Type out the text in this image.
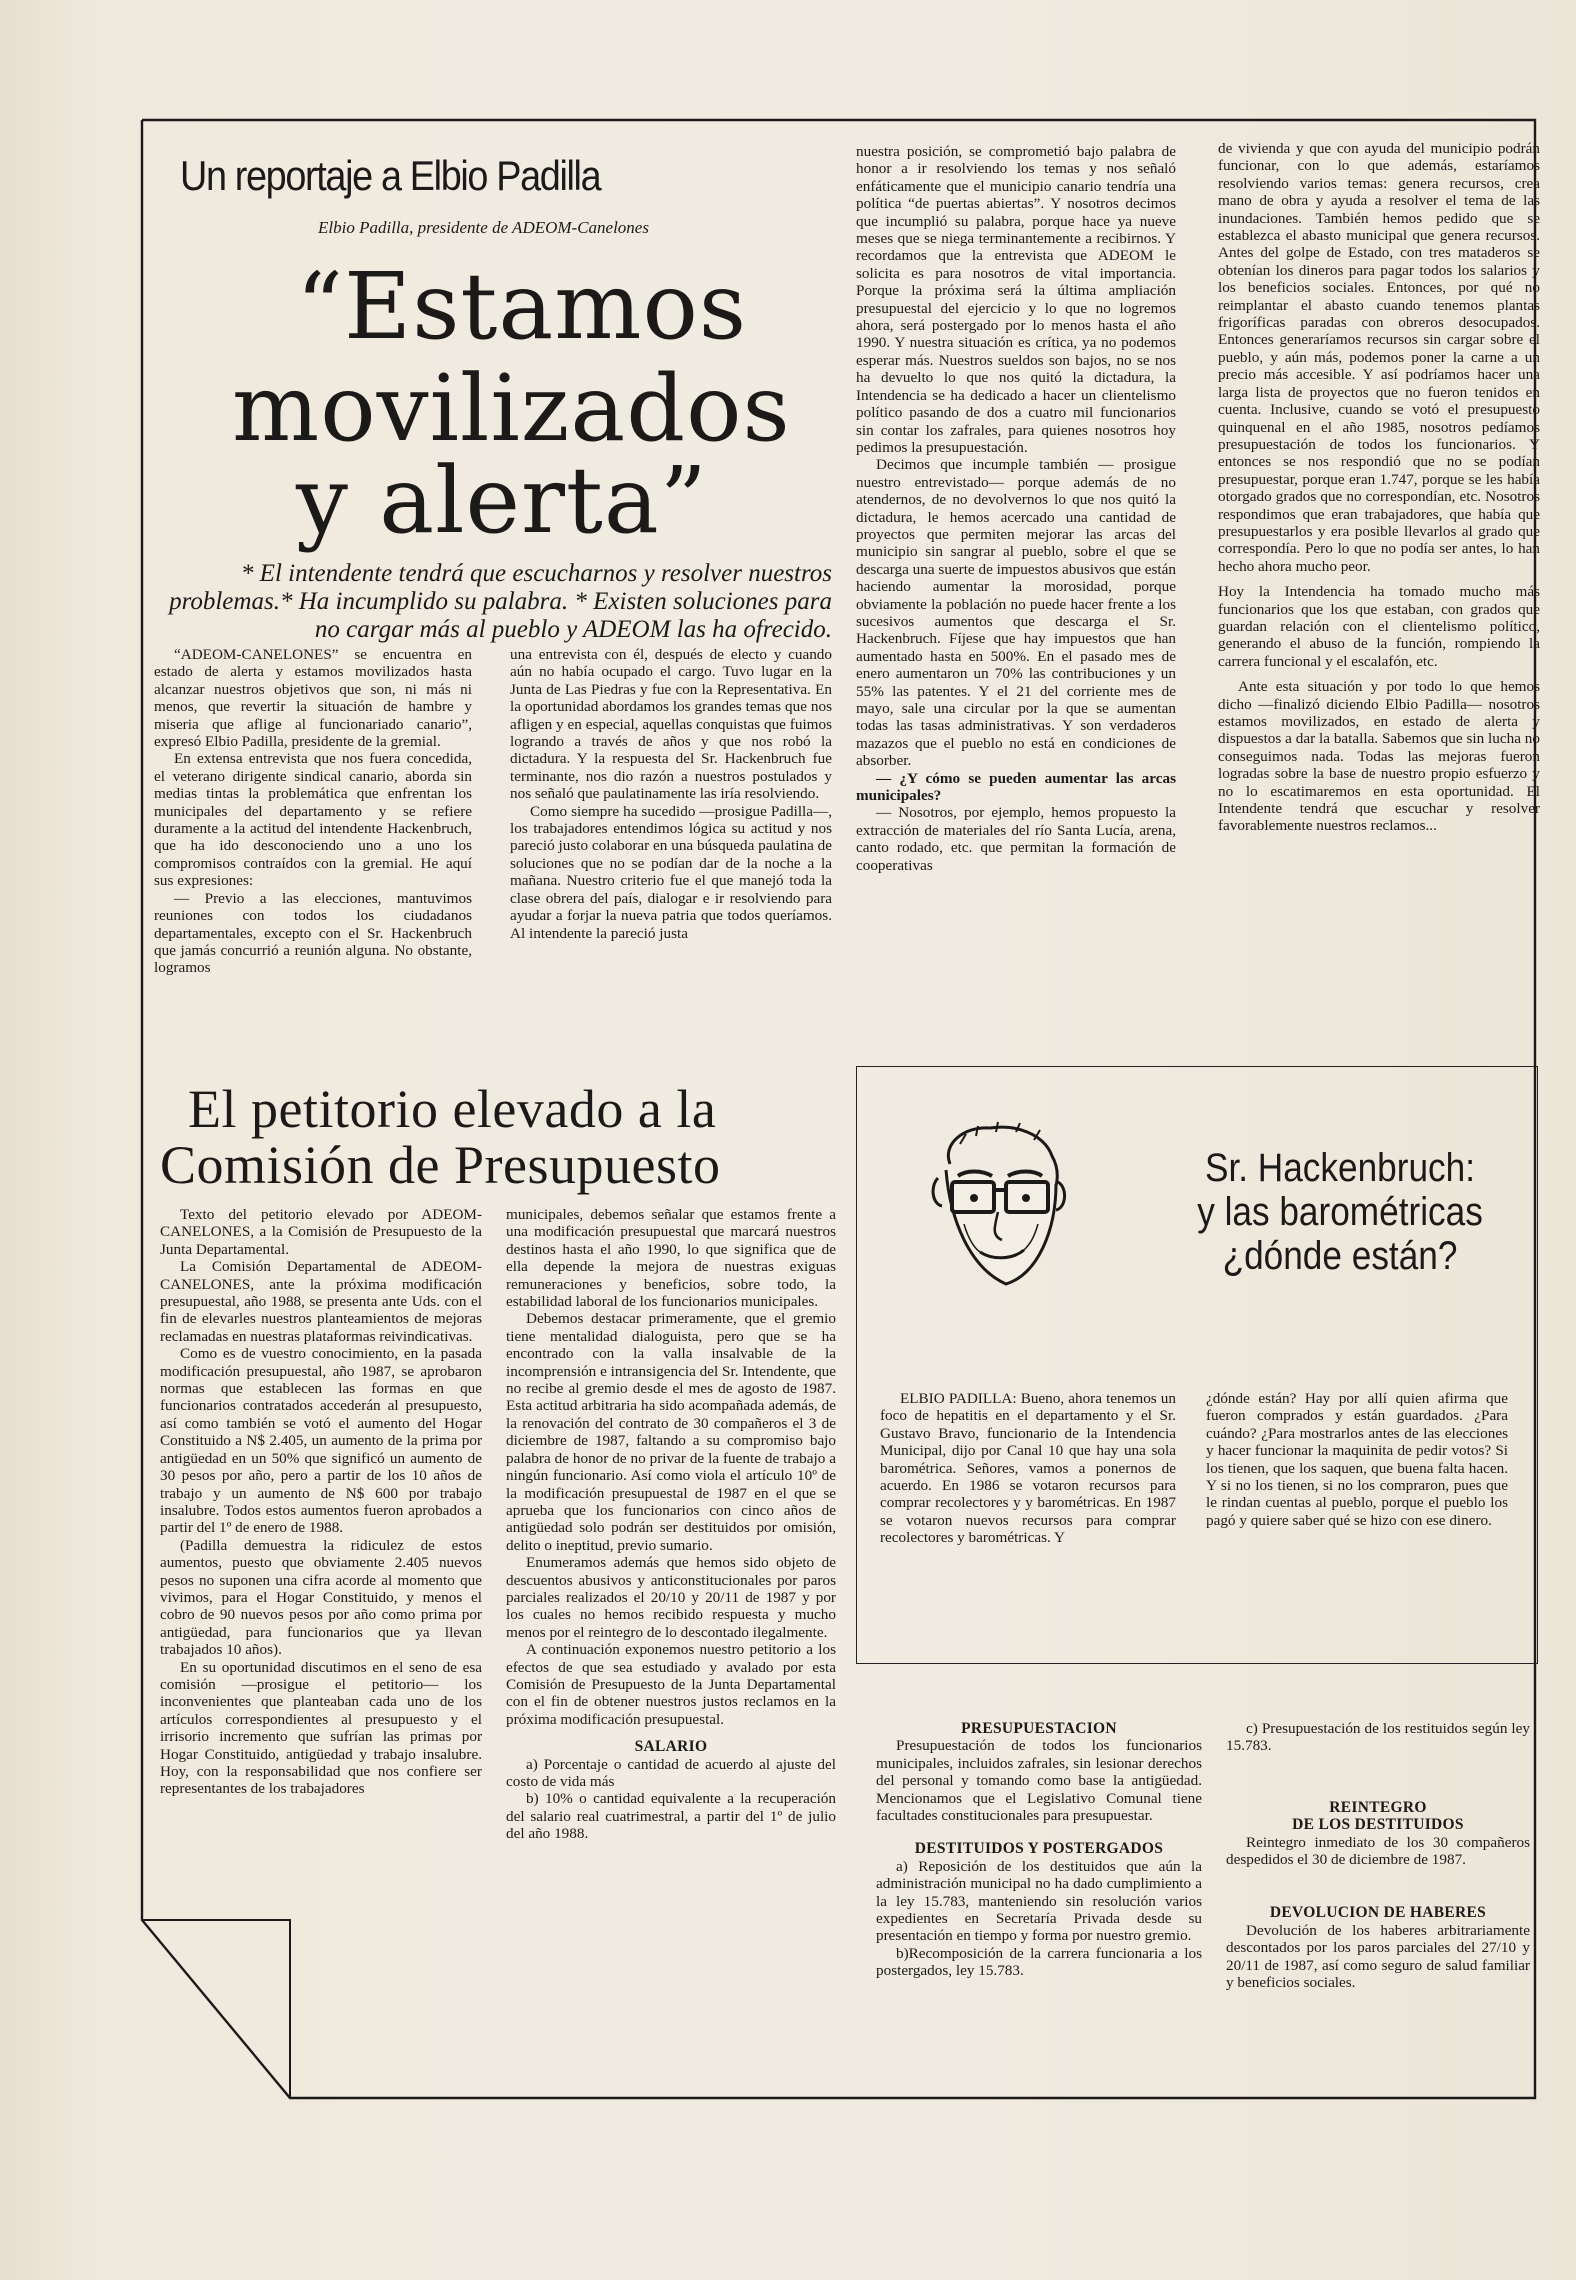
Un reportaje a Elbio Padilla
Elbio Padilla, presidente de ADEOM-Canelones
“Estamos
movilizados
y alerta”
* El intendente tendrá que escucharnos y resolver nuestros
problemas.* Ha incumplido su palabra. * Existen soluciones para
no cargar más al pueblo y ADEOM las ha ofrecido.

“ADEOM-CANELONES” se encuentra en estado de alerta y estamos movilizados hasta alcanzar nuestros objetivos que son, ni más ni menos, que revertir la situación de hambre y miseria que aflige al funcionariado canario”, expresó Elbio Padilla, presidente de la gremial.

En extensa entrevista que nos fuera concedida, el veterano dirigente sindical canario, aborda sin medias tintas la problemática que enfrentan los municipales del departamento y se refiere duramente a la actitud del intendente Hackenbruch, que ha ido desconociendo uno a uno los compromisos contraídos con la gremial. He aquí sus expresiones:

— Previo a las elecciones, mantuvimos reuniones con todos los ciudadanos departamentales, excepto con el Sr. Hackenbruch que jamás concurrió a reunión alguna. No obstante, logramos

una entrevista con él, después de electo y cuando aún no había ocupado el cargo. Tuvo lugar en la Junta de Las Piedras y fue con la Representativa. En la oportunidad abordamos los grandes temas que nos afligen y en especial, aquellas conquistas que fuimos logrando a través de años y que nos robó la dictadura. Y la respuesta del Sr. Hackenbruch fue terminante, nos dio razón a nuestros postulados y nos señaló que paulatinamente las iría resolviendo.

Como siempre ha sucedido —prosigue Padilla—, los trabajadores entendimos lógica su actitud y nos pareció justo colaborar en una búsqueda paulatina de soluciones que no se podían dar de la noche a la mañana. Nuestro criterio fue el que manejó toda la clase obrera del país, dialogar e ir resolviendo para ayudar a forjar la nueva patria que todos queríamos. Al intendente la pareció justa

nuestra posición, se comprometió bajo palabra de honor a ir resolviendo los temas y nos señaló enfáticamente que el municipio canario tendría una política “de puertas abiertas”. Y nosotros decimos que incumplió su palabra, porque hace ya nueve meses que se niega terminantemente a recibirnos. Y recordamos que la entrevista que ADEOM le solicita es para nosotros de vital importancia. Porque la próxima será la última ampliación presupuestal del ejercicio y lo que no logremos ahora, será postergado por lo menos hasta el año 1990. Y nuestra situación es crítica, ya no podemos esperar más. Nuestros sueldos son bajos, no se nos ha devuelto lo que nos quitó la dictadura, la Intendencia se ha dedicado a hacer un clientelismo político pasando de dos a cuatro mil funcionarios sin contar los zafrales, para quienes nosotros hoy pedimos la presupuestación.

Decimos que incumple también — prosigue nuestro entrevistado— porque además de no atendernos, de no devolvernos lo que nos quitó la dictadura, le hemos acercado una cantidad de proyectos que permiten mejorar las arcas del municipio sin sangrar al pueblo, sobre el que se descarga una suerte de impuestos abusivos que están haciendo aumentar la morosidad, porque obviamente la población no puede hacer frente a los sucesivos aumentos que descarga el Sr. Hackenbruch. Fíjese que hay impuestos que han aumentado hasta en 500%. En el pasado mes de enero aumentaron un 70% las contribuciones y un 55% las patentes. Y el 21 del corriente mes de mayo, sale una circular por la que se aumentan todas las tasas administrativas. Y son verdaderos mazazos que el pueblo no está en condiciones de absorber.

— ¿Y cómo se pueden aumentar las arcas municipales?

— Nosotros, por ejemplo, hemos propuesto la extracción de materiales del río Santa Lucía, arena, canto rodado, etc. que permitan la formación de cooperativas

de vivienda y que con ayuda del municipio podrán funcionar, con lo que además, estaríamos resolviendo varios temas: genera recursos, crea mano de obra y ayuda a resolver el tema de las inundaciones. También hemos pedido que se establezca el abasto municipal que genera recursos. Antes del golpe de Estado, con tres mataderos se obtenían los dineros para pagar todos los salarios y los beneficios sociales. Entonces, por qué no reimplantar el abasto cuando tenemos plantas frigoríficas paradas con obreros desocupados. Entonces generaríamos recursos sin cargar sobre el pueblo, y aún más, podemos poner la carne a un precio más accesible. Y así podríamos hacer una larga lista de proyectos que no fueron tenidos en cuenta. Inclusive, cuando se votó el presupuesto quinquenal en el año 1985, nosotros pedíamos presupuestación de todos los funcionarios. Y entonces se nos respondió que no se podían presupuestar, porque eran 1.747, porque se les había otorgado grados que no correspondían, etc. Nosotros respondimos que eran trabajadores, que había que presupuestarlos y era posible llevarlos al grado que correspondía. Pero lo que no podía ser antes, lo han hecho ahora mucho peor.

Hoy la Intendencia ha tomado mucho más funcionarios que los que estaban, con grados que guardan relación con el clientelismo político, generando el abuso de la función, rompiendo la carrera funcional y el escalafón, etc.

Ante esta situación y por todo lo que hemos dicho —finalizó diciendo Elbio Padilla— nosotros estamos movilizados, en estado de alerta y dispuestos a dar la batalla. Sabemos que sin lucha no conseguimos nada. Todas las mejoras fueron logradas sobre la base de nuestro propio esfuerzo y no lo escatimaremos en esta oportunidad. El Intendente tendrá que escuchar y resolver favorablemente nuestros reclamos...

El petitorio elevado a la
Comisión de Presupuesto

Texto del petitorio elevado por ADEOM-CANELONES, a la Comisión de Presupuesto de la Junta Departamental.

La Comisión Departamental de ADEOM-CANELONES, ante la próxima modificación presupuestal, año 1988, se presenta ante Uds. con el fin de elevarles nuestros planteamientos de mejoras reclamadas en nuestras plataformas reivindicativas.

Como es de vuestro conocimiento, en la pasada modificación presupuestal, año 1987, se aprobaron normas que establecen las formas en que funcionarios contratados accederán al presupuesto, así como también se votó el aumento del Hogar Constituido a N$ 2.405, un aumento de la prima por antigüedad en un 50% que significó un aumento de 30 pesos por año, pero a partir de los 10 años de trabajo y un aumento de N$ 600 por trabajo insalubre. Todos estos aumentos fueron aprobados a partir del 1º de enero de 1988.

(Padilla demuestra la ridiculez de estos aumentos, puesto que obviamente 2.405 nuevos pesos no suponen una cifra acorde al momento que vivimos, para el Hogar Constituido, y menos el cobro de 90 nuevos pesos por año como prima por antigüedad, para funcionarios que ya llevan trabajados 10 años).

En su oportunidad discutimos en el seno de esa comisión —prosigue el petitorio— los inconvenientes que planteaban cada uno de los artículos correspondientes al presupuesto y el irrisorio incremento que sufrían las primas por Hogar Constituido, antigüedad y trabajo insalubre. Hoy, con la responsabilidad que nos confiere ser representantes de los trabajadores

municipales, debemos señalar que estamos frente a una modificación presupuestal que marcará nuestros destinos hasta el año 1990, lo que significa que de ella depende la mejora de nuestras exiguas remuneraciones y beneficios, sobre todo, la estabilidad laboral de los funcionarios municipales.

Debemos destacar primeramente, que el gremio tiene mentalidad dialoguista, pero que se ha encontrado con la valla insalvable de la incomprensión e intransigencia del Sr. Intendente, que no recibe al gremio desde el mes de agosto de 1987. Esta actitud arbitraria ha sido acompañada además, de la renovación del contrato de 30 compañeros el 3 de diciembre de 1987, faltando a su compromiso bajo palabra de honor de no privar de la fuente de trabajo a ningún funcionario. Así como viola el artículo 10º de la modificación presupuestal de 1987 en el que se aprueba que los funcionarios con cinco años de antigüedad solo podrán ser destituidos por omisión, delito o ineptitud, previo sumario.

Enumeramos además que hemos sido objeto de descuentos abusivos y anticonstitucionales por paros parciales realizados el 20/10 y 20/11 de 1987 y por los cuales no hemos recibido respuesta y mucho menos por el reintegro de lo descontado ilegalmente.

A continuación exponemos nuestro petitorio a los efectos de que sea estudiado y avalado por esta Comisión de Presupuesto de la Junta Departamental con el fin de obtener nuestros justos reclamos en la próxima modificación presupuestal.

SALARIO

a) Porcentaje o cantidad de acuerdo al ajuste del costo de vida más

b) 10% o cantidad equivalente a la recuperación del salario real cuatrimestral, a partir del 1º de julio del año 1988.

Sr. Hackenbruch:
y las barométricas
¿dónde están?

ELBIO PADILLA: Bueno, ahora tenemos un foco de hepatitis en el departamento y el Sr. Gustavo Bravo, funcionario de la Intendencia Municipal, dijo por Canal 10 que hay una sola barométrica. Señores, vamos a ponernos de acuerdo. En 1986 se votaron recursos para comprar recolectores y y barométricas. En 1987 se votaron nuevos recursos para comprar recolectores y barométricas. Y

¿dónde están? Hay por allí quien afirma que fueron comprados y están guardados. ¿Para cuándo? ¿Para mostrarlos antes de las elecciones y hacer funcionar la maquinita de pedir votos? Si los tienen, que los saquen, que buena falta hacen. Y si no los tienen, si no los compraron, pues que le rindan cuentas al pueblo, porque el pueblo los pagó y quiere saber qué se hizo con ese dinero.

PRESUPUESTACION

Presupuestación de todos los funcionarios municipales, incluidos zafrales, sin lesionar derechos del personal y tomando como base la antigüedad. Mencionamos que el Legislativo Comunal tiene facultades constitucionales para presupuestar.

DESTITUIDOS Y POSTERGADOS

a) Reposición de los destituidos que aún la administración municipal no ha dado cumplimiento a la ley 15.783, manteniendo sin resolución varios expedientes en Secretaría Privada desde su presentación en tiempo y forma por nuestro gremio.

b)Recomposición de la carrera funcionaria a los postergados, ley 15.783.

c) Presupuestación de los restituidos según ley 15.783.

REINTEGRO
DE LOS DESTITUIDOS

Reintegro inmediato de los 30 compañeros despedidos el 30 de diciembre de 1987.

DEVOLUCION DE HABERES

Devolución de los haberes arbitrariamente descontados por los paros parciales del 27/10 y 20/11 de 1987, así como seguro de salud familiar y beneficios sociales.
